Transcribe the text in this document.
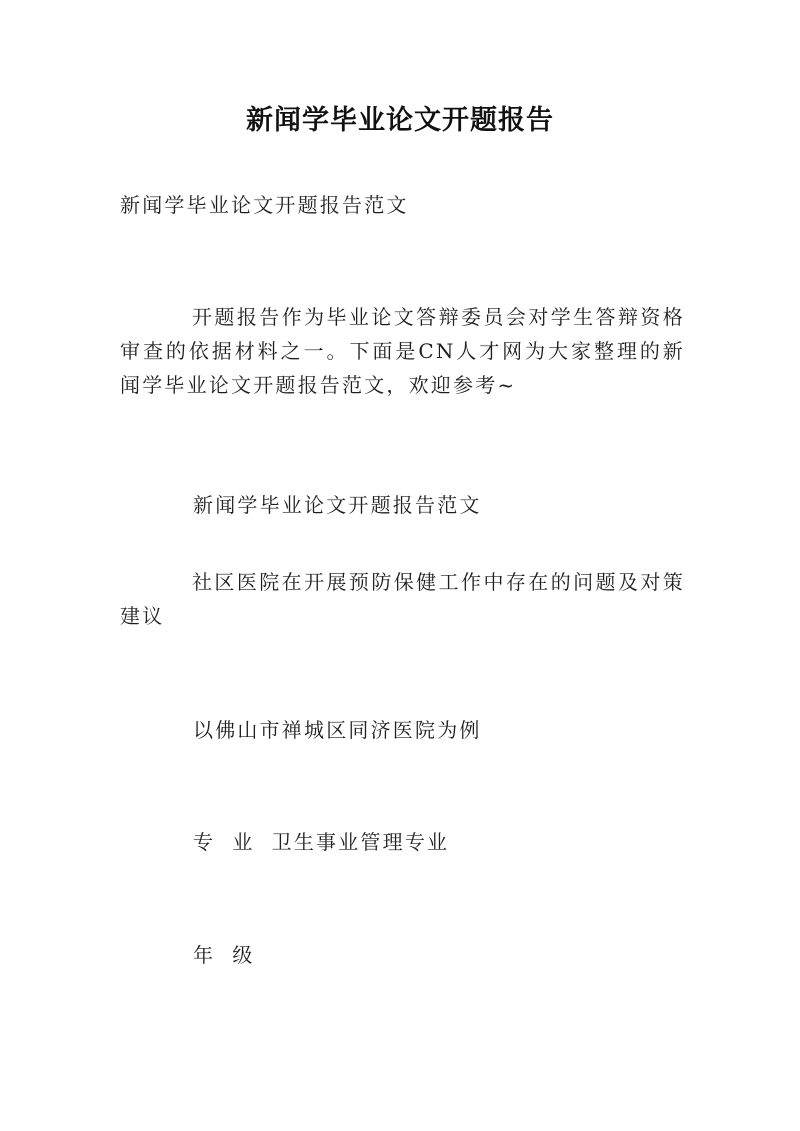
新闻学毕业论文开题报告
新闻学毕业论文开题报告范文
开题报告作为毕业论文答辩委员会对学生答辩资格审查的依据材料之一。下面是CN人才网为大家整理的新闻学毕业论文开题报告范文，欢迎参考~
新闻学毕业论文开题报告范文
社区医院在开展预防保健工作中存在的问题及对策建议
以佛山市禅城区同济医院为例
专  业  卫生事业管理专业
年  级
